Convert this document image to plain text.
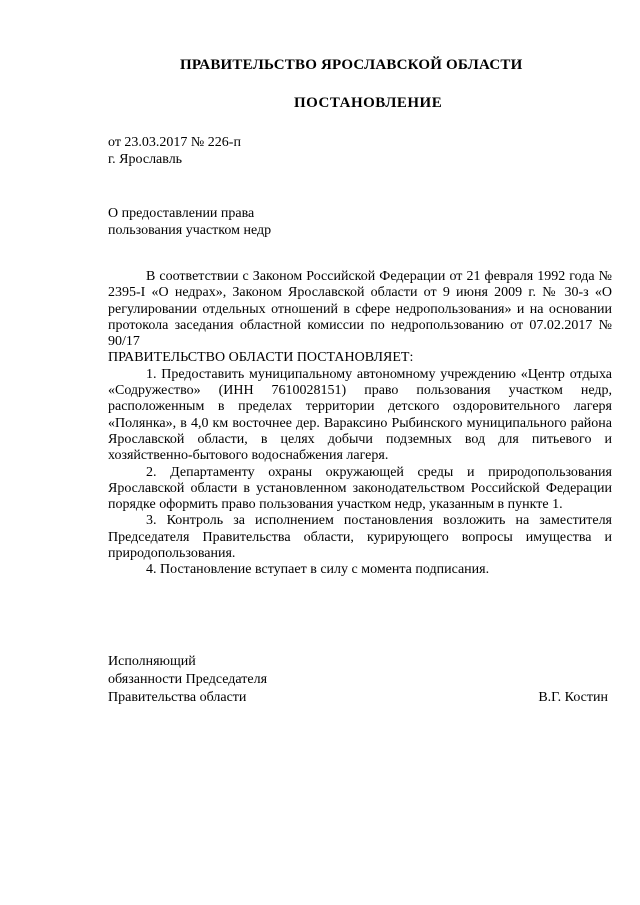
ПРАВИТЕЛЬСТВО ЯРОСЛАВСКОЙ ОБЛАСТИ
ПОСТАНОВЛЕНИЕ
от 23.03.2017 № 226-п
г. Ярославль
О предоставлении права
пользования участком недр

В соответствии с Законом Российской Федерации от 21 февраля 1992 года № 2395-I «О недрах», Законом Ярославской области от 9 июня 2009 г. № 30-з «О регулировании отдельных отношений в сфере недропользования» и на основании протокола заседания областной комиссии по недропользованию от 07.02.2017 № 90/17

ПРАВИТЕЛЬСТВО ОБЛАСТИ ПОСТАНОВЛЯЕТ:

1. Предоставить муниципальному автономному учреждению «Центр отдыха «Содружество» (ИНН 7610028151) право пользования участком недр, расположенным в пределах территории детского оздоровительного лагеря «Полянка», в 4,0 км восточнее дер. Вараксино Рыбинского муниципального района Ярославской области, в целях добычи подземных вод для питьевого и хозяйственно-бытового водоснабжения лагеря.

2. Департаменту охраны окружающей среды и природопользования Ярославской области в установленном законодательством Российской Федерации порядке оформить право пользования участком недр, указанным в пункте 1.

3. Контроль за исполнением постановления возложить на заместителя Председателя Правительства области, курирующего вопросы имущества и природопользования.

4. Постановление вступает в силу с момента подписания.

Исполняющий
обязанности Председателя
Правительства области	В.Г. Костин
